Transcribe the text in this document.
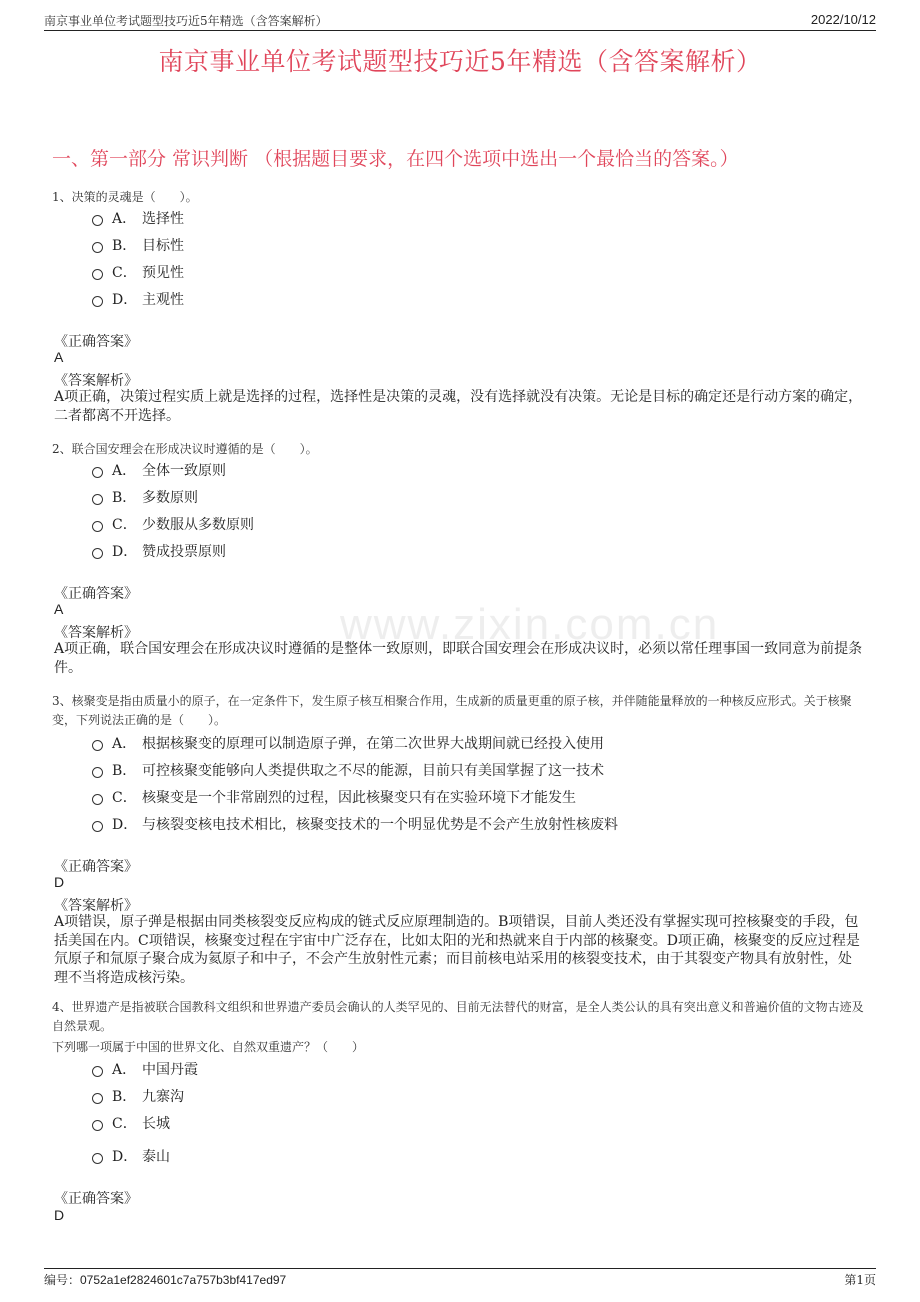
南京事业单位考试题型技巧近5年精选（含答案解析）	2022/10/12
南京事业单位考试题型技巧近5年精选（含答案解析）
一、第一部分 常识判断 （根据题目要求，在四个选项中选出一个最恰当的答案。）
www.zixin.com.cn
1、决策的灵魂是（　　）。
A． 选择性
B． 目标性
C． 预见性
D． 主观性
《正确答案》
A
《答案解析》
A项正确，决策过程实质上就是选择的过程，选择性是决策的灵魂，没有选择就没有决策。无论是目标的确定还是行动方案的确定，二者都离不开选择。
2、联合国安理会在形成决议时遵循的是（　　）。
A． 全体一致原则
B． 多数原则
C． 少数服从多数原则
D． 赞成投票原则
《正确答案》
A
《答案解析》
A项正确，联合国安理会在形成决议时遵循的是整体一致原则，即联合国安理会在形成决议时，必须以常任理事国一致同意为前提条件。
3、核聚变是指由质量小的原子，在一定条件下，发生原子核互相聚合作用，生成新的质量更重的原子核，并伴随能量释放的一种核反应形式。关于核聚变，下列说法正确的是（　　）。
A． 根据核聚变的原理可以制造原子弹，在第二次世界大战期间就已经投入使用
B． 可控核聚变能够向人类提供取之不尽的能源，目前只有美国掌握了这一技术
C． 核聚变是一个非常剧烈的过程，因此核聚变只有在实验环境下才能发生
D． 与核裂变核电技术相比，核聚变技术的一个明显优势是不会产生放射性核废料
《正确答案》
D
《答案解析》
A项错误，原子弹是根据由同类核裂变反应构成的链式反应原理制造的。B项错误，目前人类还没有掌握实现可控核聚变的手段，包括美国在内。C项错误，核聚变过程在宇宙中广泛存在，比如太阳的光和热就来自于内部的核聚变。D项正确，核聚变的反应过程是氘原子和氚原子聚合成为氦原子和中子，不会产生放射性元素；而目前核电站采用的核裂变技术，由于其裂变产物具有放射性，处理不当将造成核污染。
4、世界遗产是指被联合国教科文组织和世界遗产委员会确认的人类罕见的、目前无法替代的财富，是全人类公认的具有突出意义和普遍价值的文物古迹及自然景观。
下列哪一项属于中国的世界文化、自然双重遗产？（　　）
A． 中国丹霞
B． 九寨沟
C． 长城
D． 泰山
《正确答案》
D
编号：0752a1ef2824601c7a757b3bf417ed97	第1页
